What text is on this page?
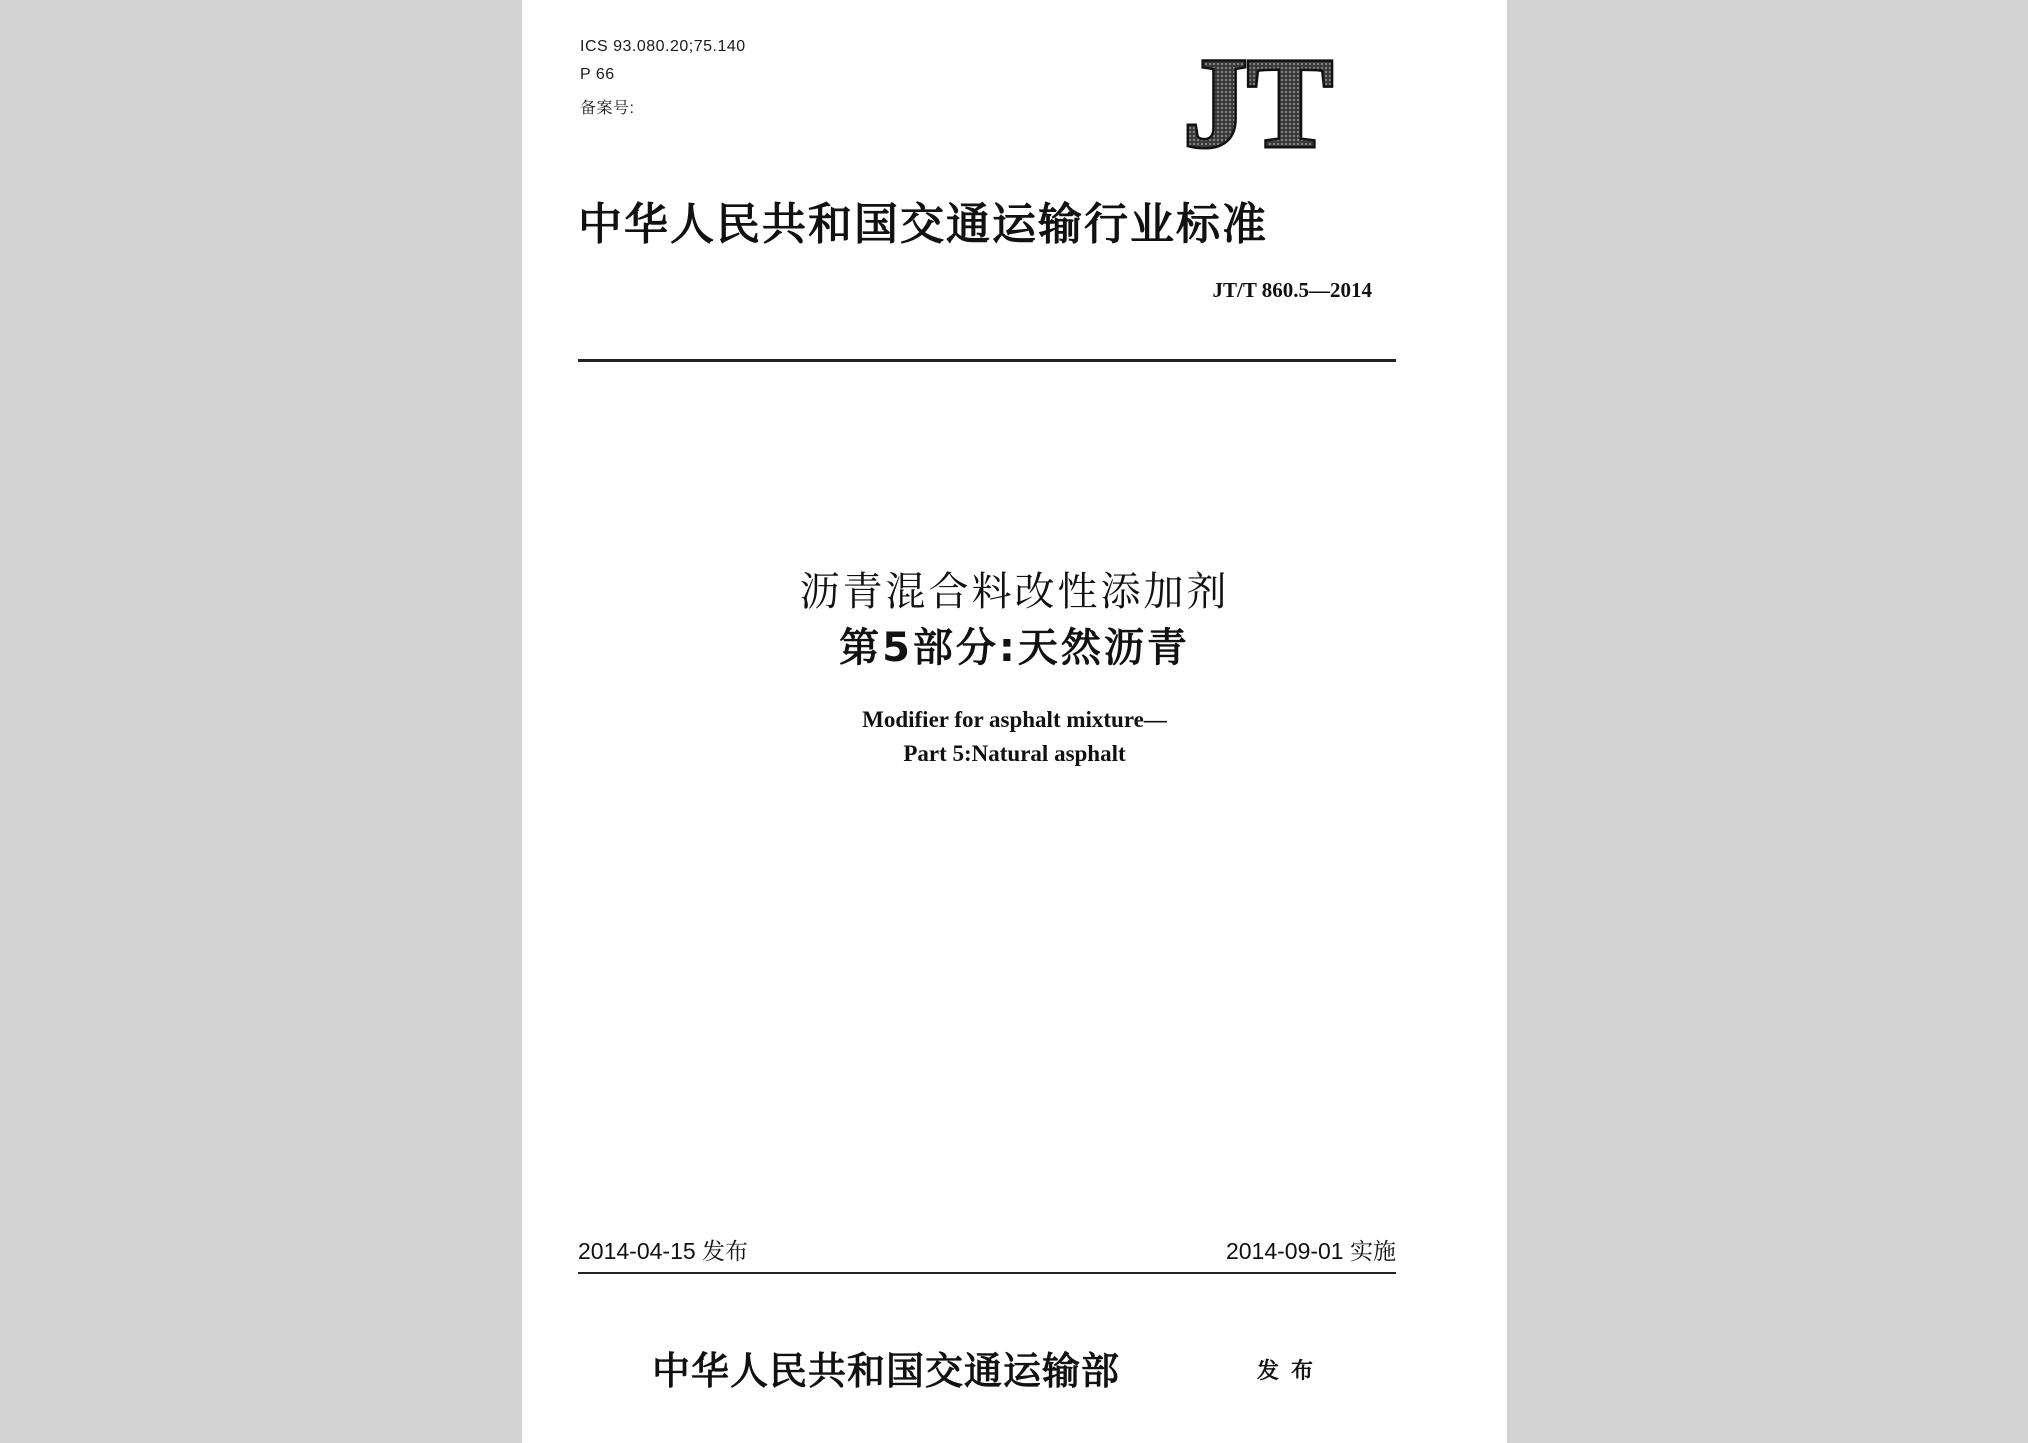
ICS 93.080.20;75.140
P 66
备案号:	JT
中华人民共和国交通运输行业标准
JT/T 860.5—2014
沥青混合料改性添加剂
第5部分:天然沥青
Modifier for asphalt mixture—
Part 5:Natural asphalt
2014-04-15 发布	2014-09-01 实施
中华人民共和国交通运输部	发布
